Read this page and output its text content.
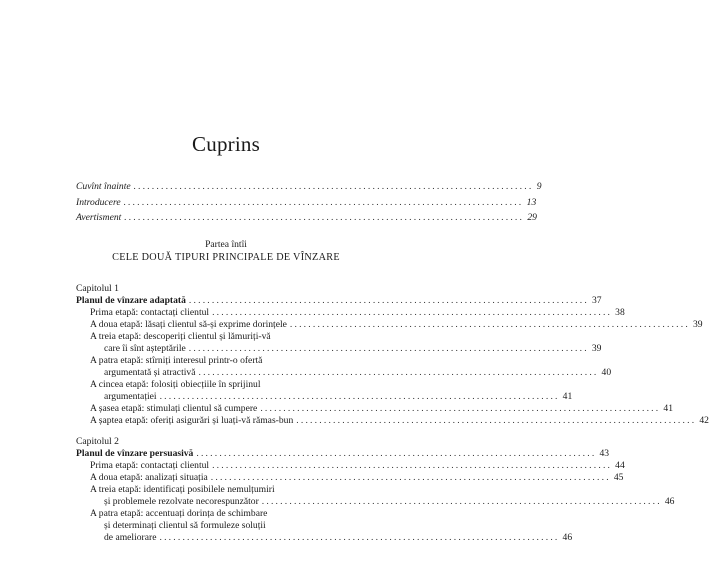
Cuprins
Cuvînt înainte ....................................................................................... 9
Introducere ....................................................................................... 13
Avertisment ....................................................................................... 29
Partea întîi
CELE DOUĂ TIPURI PRINCIPALE DE VÎNZARE
Capitolul 1
Planul de vînzare adaptată ....................................................................................... 37
Prima etapă: contactați clientul ....................................................................................... 38
A doua etapă: lăsați clientul să-și exprime dorințele ....................................................................................... 39
A treia etapă: descoperiți clientul și lămuriți-vă
care îi sînt așteptările ....................................................................................... 39
A patra etapă: stîrniți interesul printr-o ofertă
argumentată și atractivă ....................................................................................... 40
A cincea etapă: folosiți obiecțiile în sprijinul
argumentației ....................................................................................... 41
A șasea etapă: stimulați clientul să cumpere ....................................................................................... 41
A șaptea etapă: oferiți asigurări și luați-vă rămas-bun ....................................................................................... 42
Capitolul 2
Planul de vînzare persuasivă ....................................................................................... 43
Prima etapă: contactați clientul ....................................................................................... 44
A doua etapă: analizați situația ....................................................................................... 45
A treia etapă: identificați posibilele nemulțumiri
și problemele rezolvate necorespunzător ....................................................................................... 46
A patra etapă: accentuați dorința de schimbare
și determinați clientul să formuleze soluții
de ameliorare ....................................................................................... 46
